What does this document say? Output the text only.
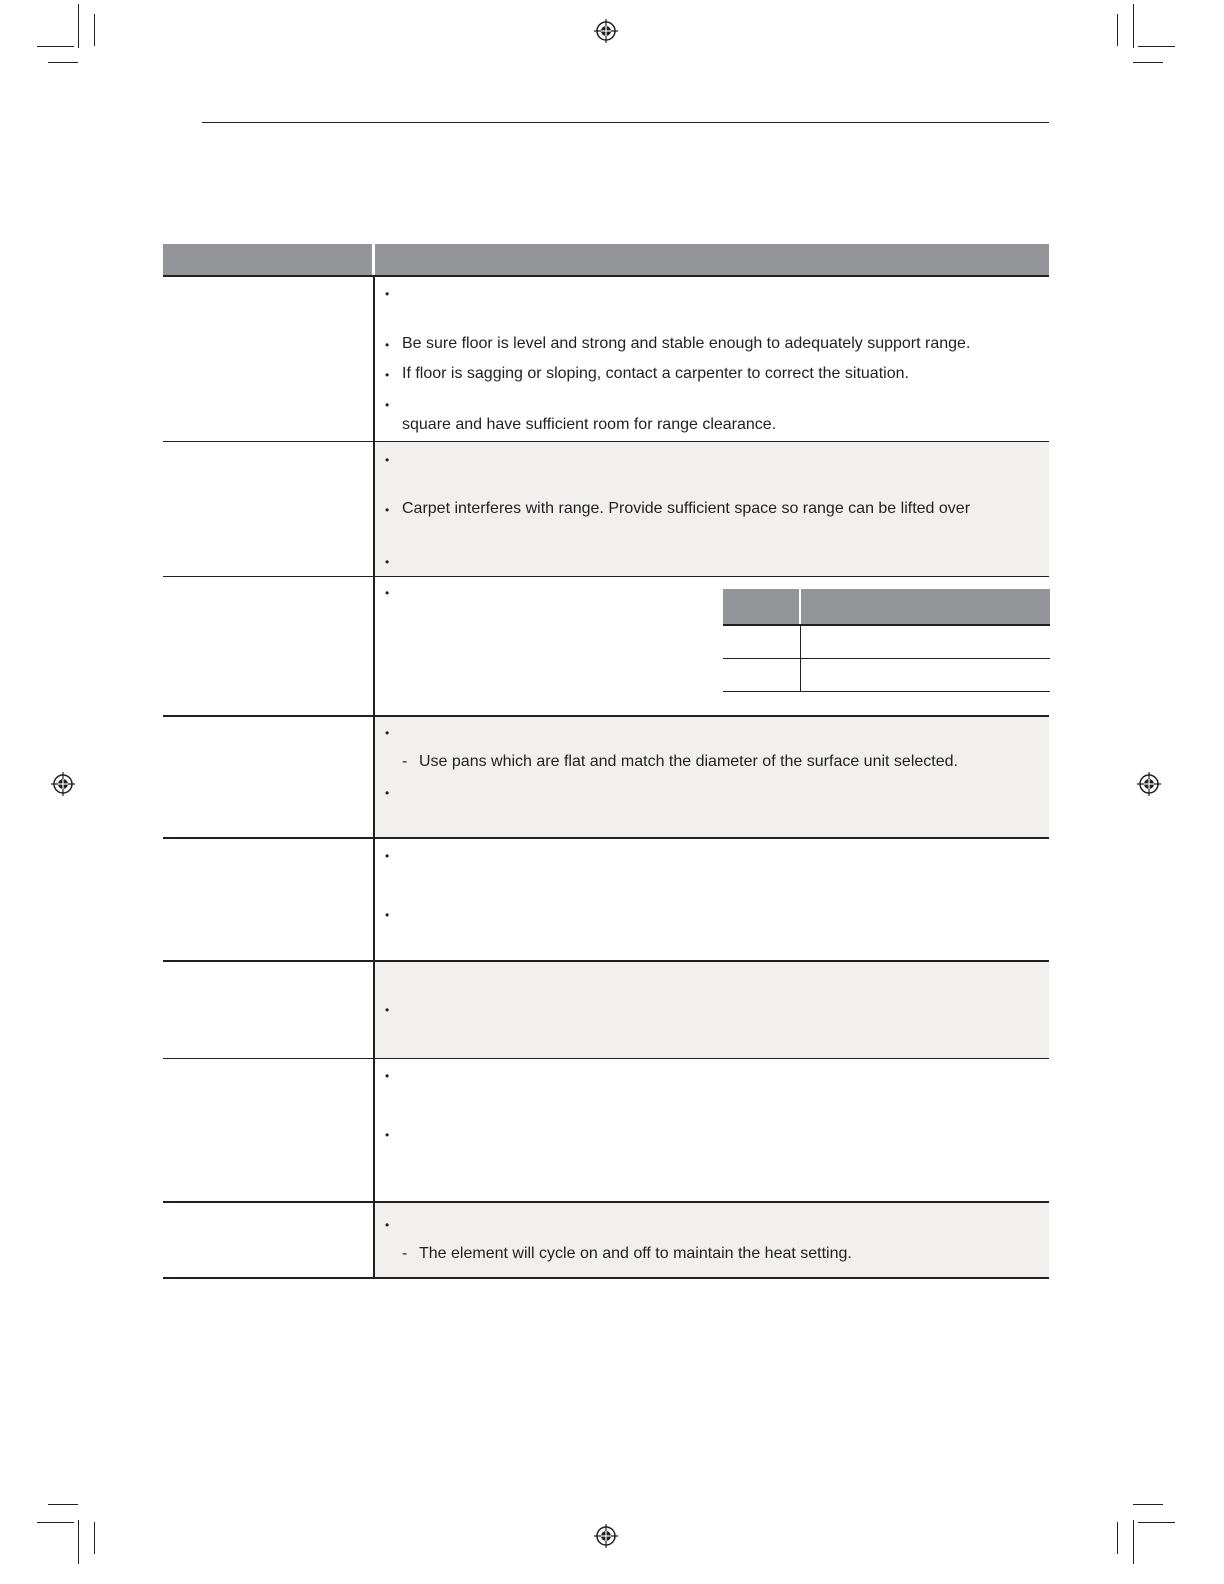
•
• Be sure floor is level and strong and stable enough to adequately support range.
• If floor is sagging or sloping, contact a carpenter to correct the situation.
•
square and have sufficient room for range clearance.
•
• Carpet interferes with range. Provide sufficient space so range can be lifted over
•
•
•
- Use pans which are flat and match the diameter of the surface unit selected.
•
•
•
•
•
•
•
- The element will cycle on and off to maintain the heat setting.
